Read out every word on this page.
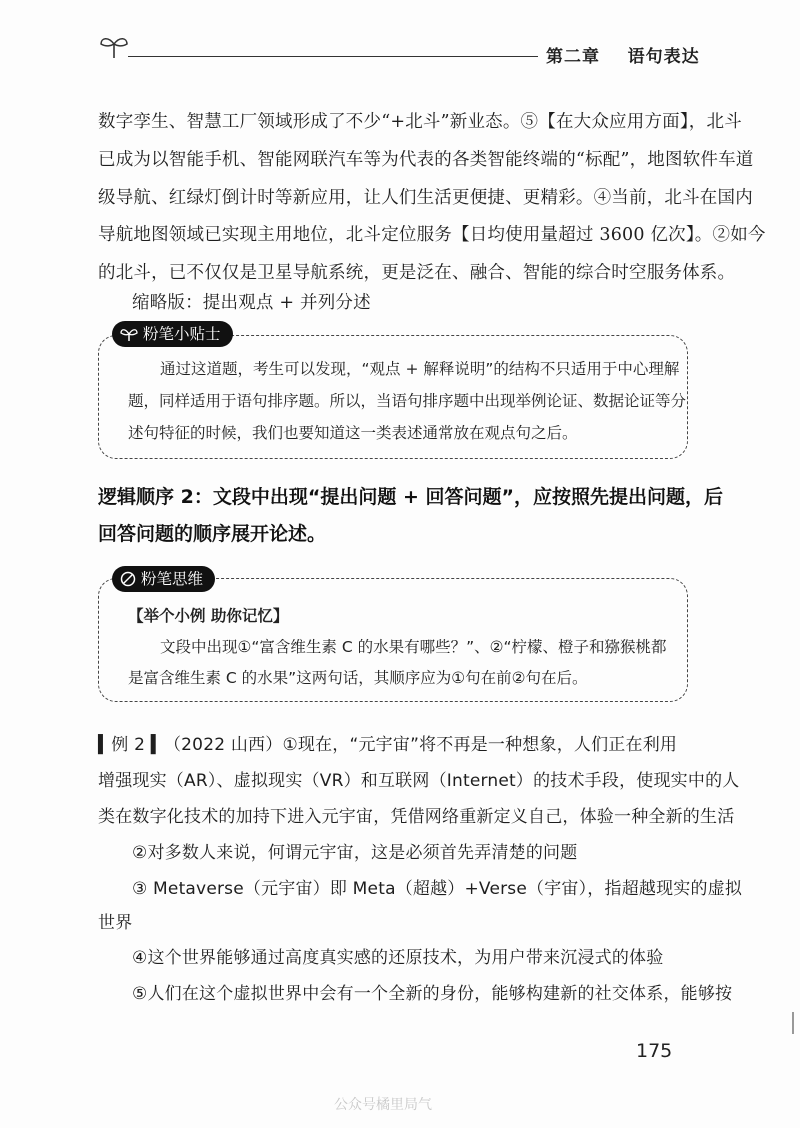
第二章    语句表达
数字孪生、智慧工厂领域形成了不少“+北斗”新业态。⑤【在大众应用方面】，北斗
已成为以智能手机、智能网联汽车等为代表的各类智能终端的“标配”，地图软件车道
级导航、红绿灯倒计时等新应用，让人们生活更便捷、更精彩。④当前，北斗在国内
导航地图领域已实现主用地位，北斗定位服务【日均使用量超过 3600 亿次】。②如今
的北斗，已不仅仅是卫星导航系统，更是泛在、融合、智能的综合时空服务体系。
缩略版：提出观点 + 并列分述
粉笔小贴士
通过这道题，考生可以发现，“观点 + 解释说明”的结构不只适用于中心理解
题，同样适用于语句排序题。所以，当语句排序题中出现举例论证、数据论证等分
述句特征的时候，我们也要知道这一类表述通常放在观点句之后。
逻辑顺序 2：文段中出现“提出问题 + 回答问题”，应按照先提出问题，后
回答问题的顺序展开论述。
粉笔思维
【举个小例 助你记忆】
文段中出现①“富含维生素 C 的水果有哪些？”、②“柠檬、橙子和猕猴桃都
是富含维生素 C 的水果”这两句话，其顺序应为①句在前②句在后。
▍例 2 ▍（2022 山西）①现在，“元宇宙”将不再是一种想象，人们正在利用
增强现实（AR）、虚拟现实（VR）和互联网（Internet）的技术手段，使现实中的人
类在数字化技术的加持下进入元宇宙，凭借网络重新定义自己，体验一种全新的生活
②对多数人来说，何谓元宇宙，这是必须首先弄清楚的问题
③ Metaverse（元宇宙）即 Meta（超越）+Verse（宇宙），指超越现实的虚拟
世界
④这个世界能够通过高度真实感的还原技术，为用户带来沉浸式的体验
⑤人们在这个虚拟世界中会有一个全新的身份，能够构建新的社交体系，能够按
175
公众号橘里局气
